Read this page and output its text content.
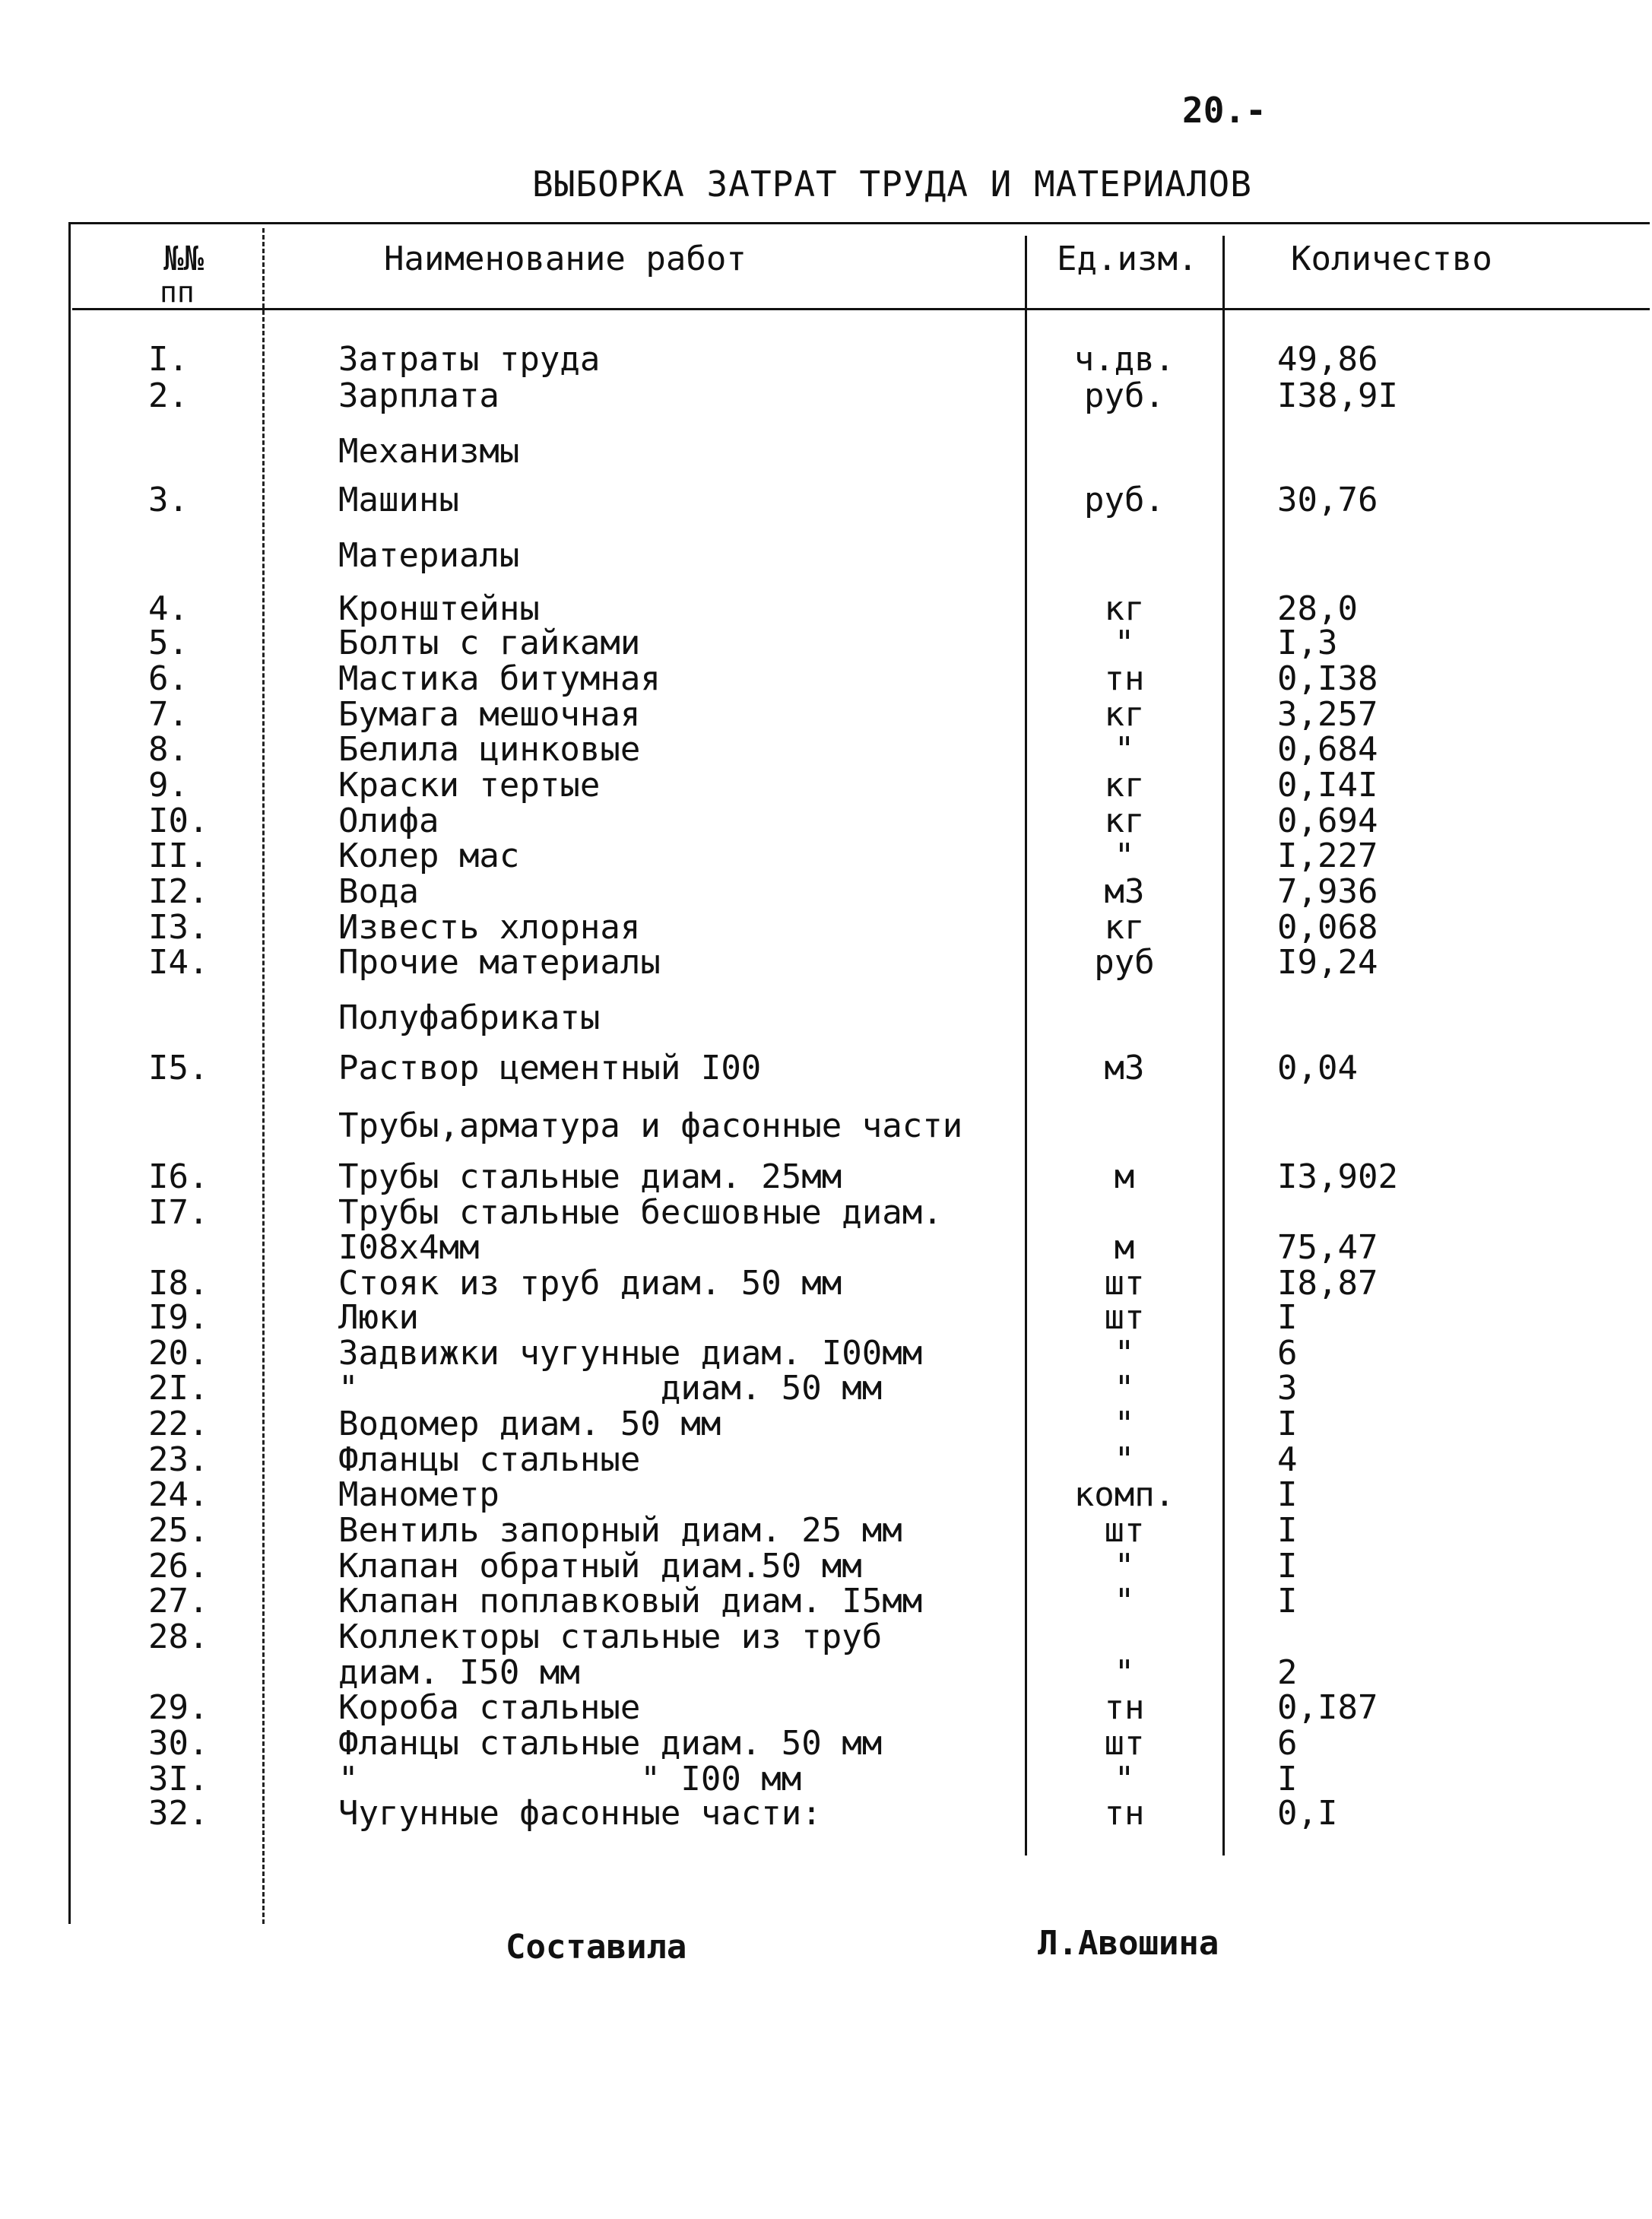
20.-
ВЫБОРКА ЗАТРАТ ТРУДА И МАТЕРИАЛОВ
№№
пп
Наименование работ	Ед.изм.	Количество
I.	Затраты труда	ч.дв.	49,86
2.	Зарплата	руб.	I38,9I
Механизмы
3.	Машины	руб.	30,76
Материалы
4.	Кронштейны	кг	28,0
5.	Болты с гайками	"	I,3
6.	Мастика битумная	тн	0,I38
7.	Бумага мешочная	кг	3,257
8.	Белила цинковые	"	0,684
9.	Краски тертые	кг	0,I4I
I0.	Олифа	кг	0,694
II.	Колер мас	"	I,227
I2.	Вода	м3	7,936
I3.	Известь хлорная	кг	0,068
I4.	Прочие материалы	руб	I9,24
Полуфабрикаты
I5.	Раствор цементный I00	м3	0,04
Трубы,арматура и фасонные части
I6.	Трубы стальные диам. 25мм	м	I3,902
I7.	Трубы стальные бесшовные диам.
I08х4мм	м	75,47
I8.	Стояк из труб диам. 50 мм	шт	I8,87
I9.	Люки	шт	I
20.	Задвижки чугунные диам. I00мм	"	6
2I.	"               диам. 50 мм	"	3
22.	Водомер диам. 50 мм	"	I
23.	Фланцы стальные	"	4
24.	Манометр	комп.	I
25.	Вентиль запорный диам. 25 мм	шт	I
26.	Клапан обратный диам.50 мм	"	I
27.	Клапан поплавковый диам. I5мм	"	I
28.	Коллекторы стальные из труб
диам. I50 мм	"	2
29.	Короба стальные	тн	0,I87
30.	Фланцы стальные диам. 50 мм	шт	6
3I.	"              " I00 мм	"	I
32.	Чугунные фасонные части:	тн	0,I
Составила	Л.Авошина
